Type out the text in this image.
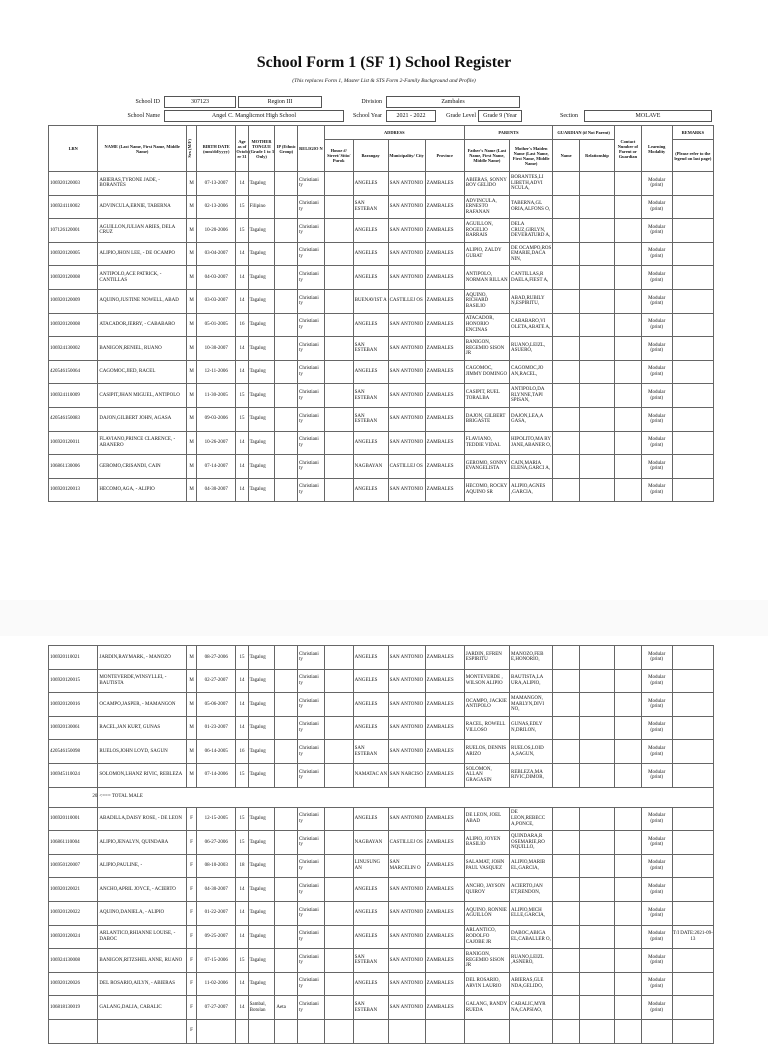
School Form 1 (SF 1) School Register
(This replaces Form 1, Master List & STS Form 2-Family Background and Profile)
School ID	307123	Region III	Division	Zambales
School Name	Angel C. Manglicmot High School	School Year	2021 - 2022	Grade Level	Grade 9 (Year	Section	MOLAVE
LRN	NAME (Last Name, First Name, Middle Name)	Sex (M/F)	BIRTH DATE (mm/dd/yyyy)	Age as of Octob er 31	MOTHER TONGUE (Grade 1 to 3 Only)	IP (Ethnic Group)	RELIGIO N	ADDRESS				PARENTS		GUARDIAN (if Not Parent)		Contact Number of Parent or Guardian	Learning Modality	REMARKS
								House #/ Street/ Sitio/ Purok	Barangay	Municipality/ City	Province	Father's Name (Last Name, First Name, Middle Name)	Mother's Maiden Name (Last Name, First Name, Middle Name)	Name	Relationship			(Please refer to the legend on last page)
106920120003	ABIERAS,TYRONE JADE, - BORANTES	M	07-13-2007	14	Tagalog		Christiani ty		ANGELES	SAN ANTONIO	ZAMBALES	ABIERAS, SONNY BOY GELIDO	BORANTES,LI LIBETH,ADVI NCULA,				Modular (print)	
106924110002	ADVINCULA,ERNIE, TABERNA	M	02-13-2006	15	Filipino		Christiani ty		SAN ESTEBAN	SAN ANTONIO	ZAMBALES	ADVINCULA, ERNESTO RAFANAN	TABERNA,GL ORIA,ALFONS O,				Modular (print)	
107126120001	AGUILLON,JULIAN ARIES, DELA CRUZ	M	10-20-2006	15	Tagalog		Christiani ty		ANGELES	SAN ANTONIO	ZAMBALES	AGUILLON, ROGELIO BARRAIS	DELA CRUZ,GIRLYN, DEVERATURD A,				Modular (print)	
106920120005	ALIPIO,JHON LEE, - DE OCAMPO	M	03-04-2007	14	Tagalog		Christiani ty		ANGELES	SAN ANTONIO	ZAMBALES	ALIPIO, ZALDY GUBAT	DE OCAMPO,ROS EMARIE,DACA NIN,				Modular (print)	
106920120008	ANTIPOLO,ACE PATRICK, - CANTILLAS	M	04-03-2007	14	Tagalog		Christiani ty		ANGELES	SAN ANTONIO	ZAMBALES	ANTIPOLO, NORMAN RILLAN	CANTILLAS,R DAELA,FIEST A,				Modular (print)	
106920120009	AQUINO,JUSTINE NOWELL, ABAD	M	03-03-2007	14	Tagalog		Christiani ty		BUENAVIST A	CASTILLEJ OS	ZAMBALES	AQUINO, RICHARD BASILIO	ABAD,RUBILY N,ESPIRITU,				Modular (print)	
106920120008	ATACADOR,JERRY, - CABABARO	M	05-01-2005	16	Tagalog		Christiani ty		ANGELES	SAN ANTONIO	ZAMBALES	ATACADOR, HONORIO ENCINAS	CABABARO,VI OLETA,ABATE A,				Modular (print)	
106924130002	BANIGON,RENIEL, RUANO	M	10-30-2007	14	Tagalog		Christiani ty		SAN ESTEBAN	SAN ANTONIO	ZAMBALES	BANIGON, REGEMIO SISON JR	RUANO,LEIZL, ASUERO,				Modular (print)	
420546150064	CAGOMOC,JIED, RACEL	M	12-11-2006	14	Tagalog		Christiani ty		ANGELES	SAN ANTONIO	ZAMBALES	CAGOMOC, JIMMY DOMINGO	CAGOMOC,JO AN,RACEL,				Modular (print)	
106924110009	CASIPIT,JHAN MIGUEL, ANTIPOLO	M	11-30-2005	15	Tagalog		Christiani ty		SAN ESTEBAN	SAN ANTONIO	ZAMBALES	CASIPIT, RUEL TORALBA	ANTIPOLO,DA RLYNNE,TAPI SPISAN,				Modular (print)	
420546150083	DAJON,GILBERT JOHN, AGASA	M	09-03-2006	15	Tagalog		Christiani ty		SAN ESTEBAN	SAN ANTONIO	ZAMBALES	DAJON, GILBERT BRIGASTE	DAJON,LEA,A GASA,				Modular (print)	
106920120011	FLAVIANO,PRINCE CLARENCE, - ABANERO	M	10-26-2007	14	Tagalog		Christiani ty		ANGELES	SAN ANTONIO	ZAMBALES	FLAVIANO, TEDDIE VIDAL	HIPOLITO,MA RY JANE,ABANER O,				Modular (print)	
106861130006	GEROMO,CRISANDI, CAIN	M	07-14-2007	14	Tagalog		Christiani ty		NAGBAYAN	CASTILLEJ OS	ZAMBALES	GEROMO, SONNY EVANGELISTA	CAIN,MARIA ELENA,GARCI A,				Modular (print)	
106920120013	HECOMO,AGA, - ALIPIO	M	04-30-2007	14	Tagalog		Christiani ty		ANGELES	SAN ANTONIO	ZAMBALES	HECOMO, ROCKY AQUINO SR	ALIPIO,AGNES ,GARCIA,				Modular (print)	
106920110021	JARDIN,RAYMARK, - MANOZO	M	08-27-2006	15	Tagalog		Christiani ty		ANGELES	SAN ANTONIO	ZAMBALES	JARDIN, EFREN ESPIRITU	MANOZO,FEB E,HONORIO,				Modular (print)	
106920120015	MONTEVERDE,WINSYLLEI, - BAUTISTA	M	02-27-2007	14	Tagalog		Christiani ty		ANGELES	SAN ANTONIO	ZAMBALES	MONTEVERDE , WILSON ALIPIO	BAUTISTA,LA URA,ALIPIO,				Modular (print)	
106920120016	OCAMPO,JASPER, - MAMANGON	M	05-06-2007	14	Tagalog		Christiani ty		ANGELES	SAN ANTONIO	ZAMBALES	OCAMPO, JACKIE ANTIPOLO	MAMANGON, MARLYN,DIVI NO,				Modular (print)	
106920130061	RACEL,JAN KURT, GUNAS	M	01-23-2007	14	Tagalog		Christiani ty		ANGELES	SAN ANTONIO	ZAMBALES	RACEL, ROWELL VILLOSO	GUNAS,EDLY N,DRILON,				Modular (print)	
420546150098	RUELOS,JOHN LOYD, SAGUN	M	06-14-2005	16	Tagalog		Christiani ty		SAN ESTEBAN	SAN ANTONIO	ZAMBALES	RUELOS, DENNIS ARIZO	RUELOS,LOID A,SAGUN,				Modular (print)	
106945110024	SOLOMON,LHANZ RIVIC, REBLEZA	M	07-14-2006	15	Tagalog		Christiani ty		NAMATAC AN	SAN NARCISO	ZAMBALES	SOLOMON, ALLAN GRAGASIN	REBLEZA,MA RIVIC,DIMOR,				Modular (print)	
20	<=== TOTAL MALE																	
106920110001	ABADILLA,DAISY ROSE, - DE LEON	F	12-15-2005	15	Tagalog		Christiani ty		ANGELES	SAN ANTONIO	ZAMBALES	DE LEON, JOEL ABAD	DE LEON,REBECC A,PONCE,				Modular (print)	
106861110004	ALIPIO,JENALYN, QUINDARA	F	06-27-2006	15	Tagalog		Christiani ty		NAGBAYAN	CASTILLEJ OS	ZAMBALES	ALIPIO, JOYEN BASILIO	QUINDARA,R OSEMARIE,RO NQUILLO,				Modular (print)	
106950120007	ALIPIO,PAULINE, -	F	08-10-2003	18	Tagalog		Christiani ty		LINUSUNG AN	SAN MARCELIN O	ZAMBALES	SALAMAT, JOHN PAUL VASQUEZ	ALIPIO,MARIB EL,GARCIA,				Modular (print)	
106920120021	ANCHO,APRIL JOYCE, - ACIERTO	F	04-30-2007	14	Tagalog		Christiani ty		ANGELES	SAN ANTONIO	ZAMBALES	ANCHO, JAYSON QUIROY	ACIERTO,JAN ET,RENDON,				Modular (print)	
106920120022	AQUINO,DANIELA, - ALIPIO	F	01-22-2007	14	Tagalog		Christiani ty		ANGELES	SAN ANTONIO	ZAMBALES	AQUINO, RONNIE AGUILLON	ALIPIO,MICH ELLE,GARCIA,				Modular (print)	
106920120024	ARLANTICO,RHIANNE LOUISE, - DABOC	F	09-25-2007	14	Tagalog		Christiani ty		ANGELES	SAN ANTONIO	ZAMBALES	ARLANTICO, RODOLFO CAJOBE JR	DABOC,ABIGA EL,CABALLER O,				Modular (print)	T/I DATE:2021-09-13
106924130008	BANIGON,RITZSHEL ANNE, RUANO	F	07-15-2006	15	Tagalog		Christiani ty		SAN ESTEBAN	SAN ANTONIO	ZAMBALES	BANIGON, REGEMIO SISON JR	RUANO,LEIZL ,ASNERO,				Modular (print)	
106920120026	DEL ROSARIO,AILYN, - ABIERAS	F	11-02-2006	14	Tagalog		Christiani ty		ANGELES	SAN ANTONIO	ZAMBALES	DEL ROSARIO, ARVIN LAURIO	ABIERAS,GLE NDA,GELIDO,				Modular (print)	
106818130019	GALANG,DALIA, CABALIC	F	07-27-2007	14	Sambal, Botolan	Aeta	Christiani ty		SAN ESTEBAN	SAN ANTONIO	ZAMBALES	GALANG, RANDY RUEDA	CABALIC,MYR NA,CAPSIAO,				Modular (print)	
		F																
